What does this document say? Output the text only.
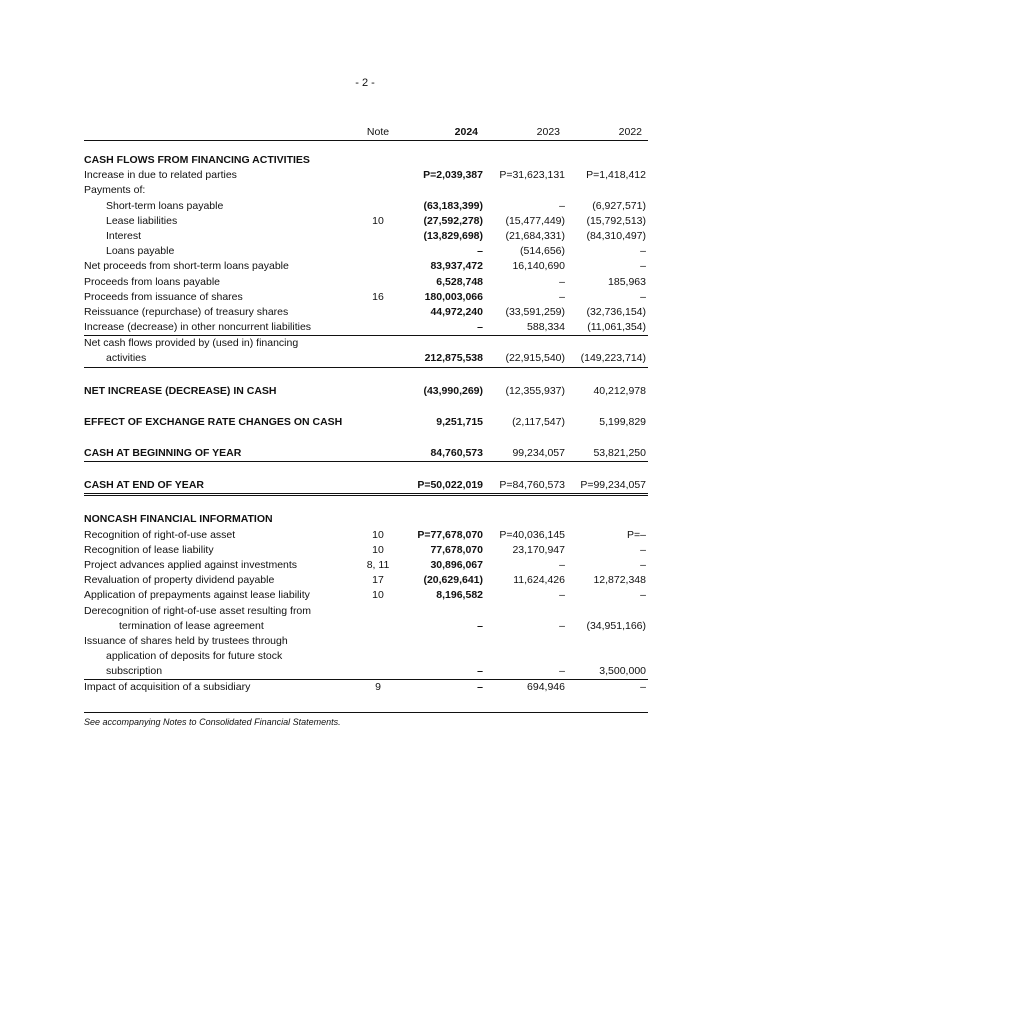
- 2 -
Note	2024	2023	2022
CASH FLOWS FROM FINANCING ACTIVITIES
Increase in due to related parties	P=2,039,387 P=31,623,131 P=1,418,412
Payments of:
Short-term loans payable	(63,183,399)	–	(6,927,571)
Lease liabilities	10	(27,592,278) (15,477,449) (15,792,513)
Interest	(13,829,698) (21,684,331) (84,310,497)
Loans payable	–	(514,656)	–
Net proceeds from short-term loans payable	83,937,472	16,140,690	–
Proceeds from loans payable	6,528,748	–	185,963
Proceeds from issuance of shares	16	180,003,066	–	–
Reissuance (repurchase) of treasury shares	44,972,240 (33,591,259) (32,736,154)
Increase (decrease) in other noncurrent liabilities	–	588,334 (11,061,354)
Net cash flows provided by (used in) financing
activities	212,875,538 (22,915,540) (149,223,714)
NET INCREASE (DECREASE) IN CASH	(43,990,269) (12,355,937)	40,212,978
EFFECT OF EXCHANGE RATE CHANGES ON CASH	9,251,715	(2,117,547)	5,199,829
CASH AT BEGINNING OF YEAR	84,760,573	99,234,057	53,821,250
CASH AT END OF YEAR	P=50,022,019 P=84,760,573 P=99,234,057
NONCASH FINANCIAL INFORMATION
Recognition of right-of-use asset	10	P=77,678,070 P=40,036,145	P=–
Recognition of lease liability	10	77,678,070	23,170,947	–
Project advances applied against investments	8, 11	30,896,067	–	–
Revaluation of property dividend payable	17	(20,629,641)	11,624,426	12,872,348
Application of prepayments against lease liability	10	8,196,582	–	–
Derecognition of right-of-use asset resulting from
termination of lease agreement	–	– (34,951,166)
Issuance of shares held by trustees through
application of deposits for future stock
subscription	–	–	3,500,000
Impact of acquisition of a subsidiary	9	–	694,946	–
See accompanying Notes to Consolidated Financial Statements.
